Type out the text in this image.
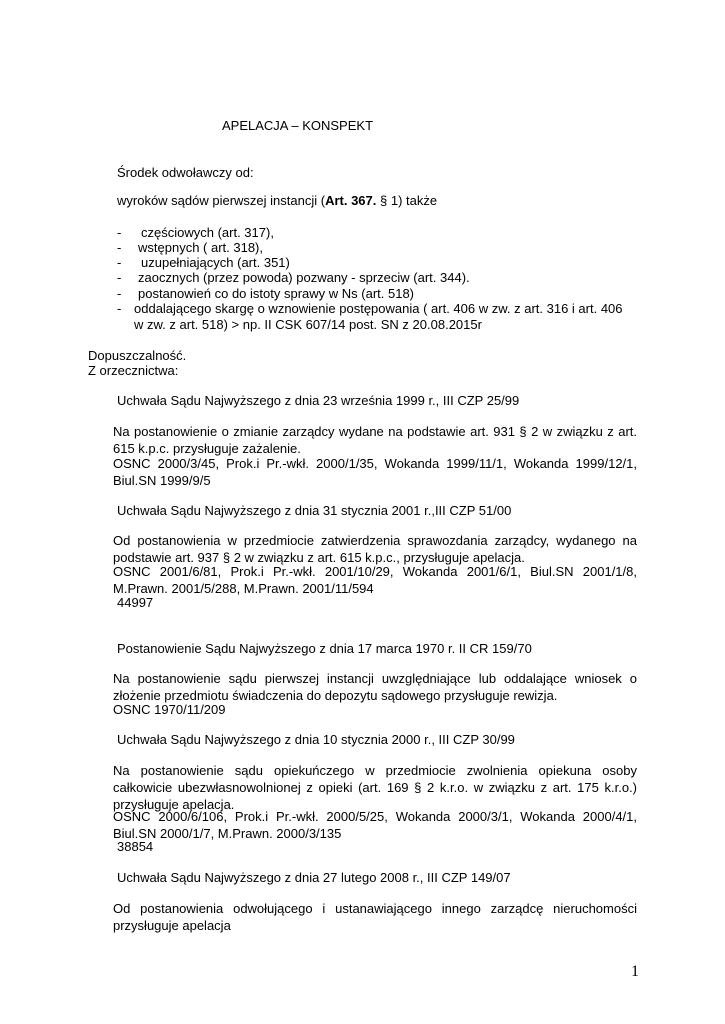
APELACJA – KONSPEKT
Środek odwoławczy od:
wyroków sądów pierwszej instancji (Art. 367. § 1) także
- częściowych (art. 317),
- wstępnych ( art. 318),
- uzupełniających (art. 351)
- zaocznych (przez powoda) pozwany - sprzeciw (art. 344).
- postanowień co do istoty sprawy w Ns (art. 518)
- oddalającego skargę o wznowienie postępowania ( art. 406 w zw. z art. 316 i art. 406
w zw. z art. 518) > np. II CSK 607/14 post. SN z 20.08.2015r
Dopuszczalność.
Z orzecznictwa:
Uchwała Sądu Najwyższego z dnia 23 września 1999 r., III CZP 25/99
Na postanowienie o zmianie zarządcy wydane na podstawie art. 931 § 2 w związku z art. 615 k.p.c. przysługuje zażalenie.
OSNC 2000/3/45, Prok.i Pr.-wkł. 2000/1/35, Wokanda 1999/11/1, Wokanda 1999/12/1, Biul.SN 1999/9/5
Uchwała Sądu Najwyższego z dnia 31 stycznia 2001 r.,III CZP 51/00
Od postanowienia w przedmiocie zatwierdzenia sprawozdania zarządcy, wydanego na podstawie art. 937 § 2 w związku z art. 615 k.p.c., przysługuje apelacja.
OSNC 2001/6/81, Prok.i Pr.-wkł. 2001/10/29, Wokanda 2001/6/1, Biul.SN 2001/1/8, M.Prawn. 2001/5/288, M.Prawn. 2001/11/594
44997
Postanowienie Sądu Najwyższego z dnia 17 marca 1970 r. II CR 159/70
Na postanowienie sądu pierwszej instancji uwzględniające lub oddalające wniosek o złożenie przedmiotu świadczenia do depozytu sądowego przysługuje rewizja.
OSNC 1970/11/209
Uchwała Sądu Najwyższego z dnia 10 stycznia 2000 r., III CZP 30/99
Na postanowienie sądu opiekuńczego w przedmiocie zwolnienia opiekuna osoby całkowicie ubezwłasnowolnionej z opieki (art. 169 § 2 k.r.o. w związku z art. 175 k.r.o.) przysługuje apelacja.
OSNC 2000/6/106, Prok.i Pr.-wkł. 2000/5/25, Wokanda 2000/3/1, Wokanda 2000/4/1, Biul.SN 2000/1/7, M.Prawn. 2000/3/135
38854
Uchwała Sądu Najwyższego z dnia 27 lutego 2008 r., III CZP 149/07
Od postanowienia odwołującego i ustanawiającego innego zarządcę nieruchomości przysługuje apelacja
1
